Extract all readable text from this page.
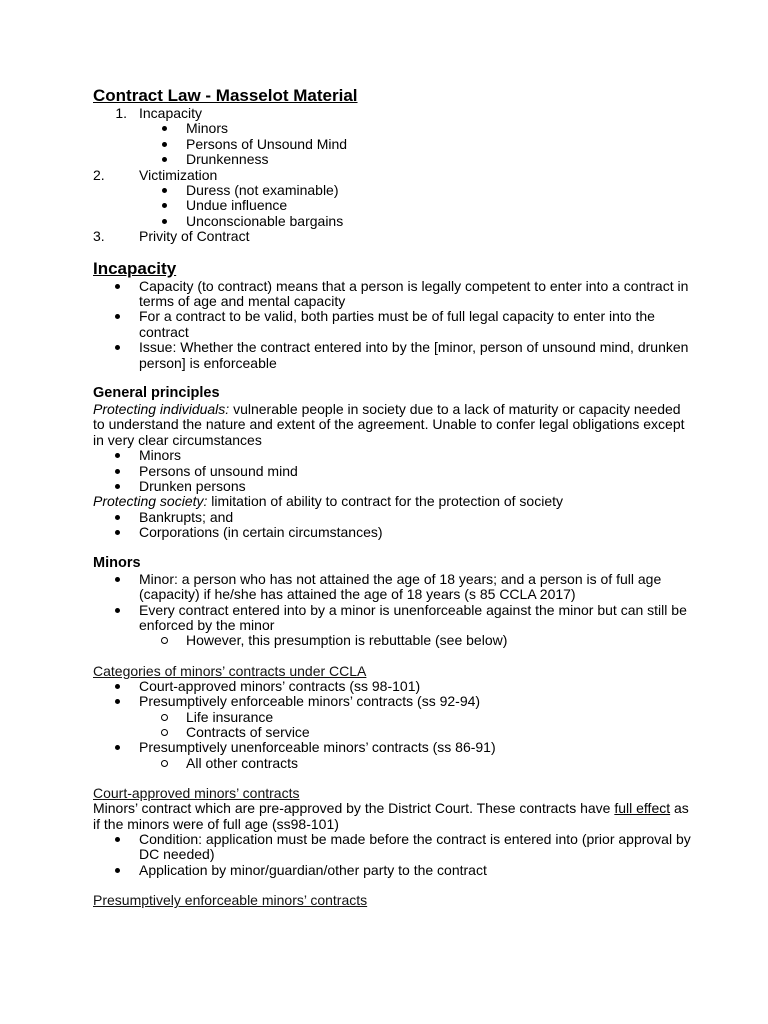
Contract Law - Masselot Material

1. Incapacity
Minors
Persons of Unsound Mind
Drunkenness
2. Victimization
Duress (not examinable)
Undue influence
Unconscionable bargains
3. Privity of Contract

Incapacity

Capacity (to contract) means that a person is legally competent to enter into a contract in terms of age and mental capacity
For a contract to be valid, both parties must be of full legal capacity to enter into the contract
Issue: Whether the contract entered into by the [minor, person of unsound mind, drunken person] is enforceable

General principles

Protecting individuals: vulnerable people in society due to a lack of maturity or capacity needed to understand the nature and extent of the agreement. Unable to confer legal obligations except in very clear circumstances

Minors
Persons of unsound mind
Drunken persons

Protecting society: limitation of ability to contract for the protection of society

Bankrupts; and
Corporations (in certain circumstances)

Minors

Minor: a person who has not attained the age of 18 years; and a person is of full age (capacity) if he/she has attained the age of 18 years (s 85 CCLA 2017)
Every contract entered into by a minor is unenforceable against the minor but can still be enforced by the minor
However, this presumption is rebuttable (see below)

Categories of minors’ contracts under CCLA

Court-approved minors’ contracts (ss 98-101)
Presumptively enforceable minors’ contracts (ss 92-94)
Life insurance
Contracts of service
Presumptively unenforceable minors’ contracts (ss 86-91)
All other contracts

Court-approved minors’ contracts

Minors’ contract which are pre-approved by the District Court. These contracts have full effect as if the minors were of full age (ss98-101)

Condition: application must be made before the contract is entered into (prior approval by DC needed)
Application by minor/guardian/other party to the contract

Presumptively enforceable minors’ contracts
